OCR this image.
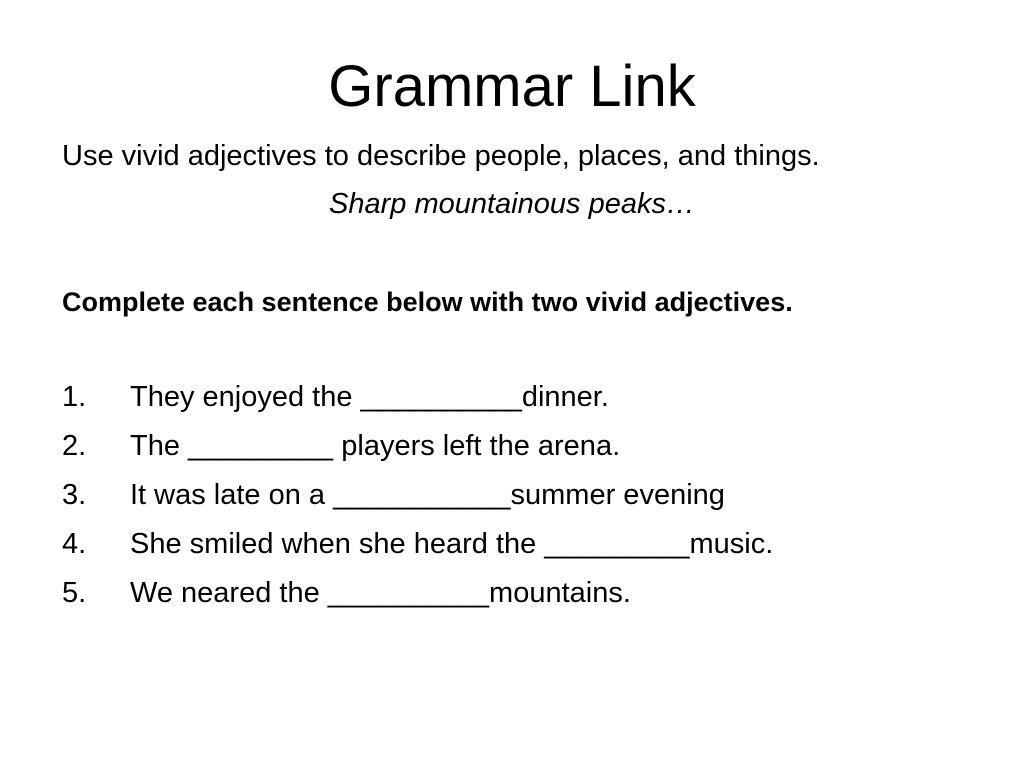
Grammar Link
Use vivid adjectives to describe people, places, and things.
Sharp mountainous peaks…
Complete each sentence below with two vivid adjectives.
1. They enjoyed the __________dinner.
2. The _________ players left the arena.
3. It was late on a ___________summer evening
4. She smiled when she heard the _________music.
5. We neared the __________mountains.
